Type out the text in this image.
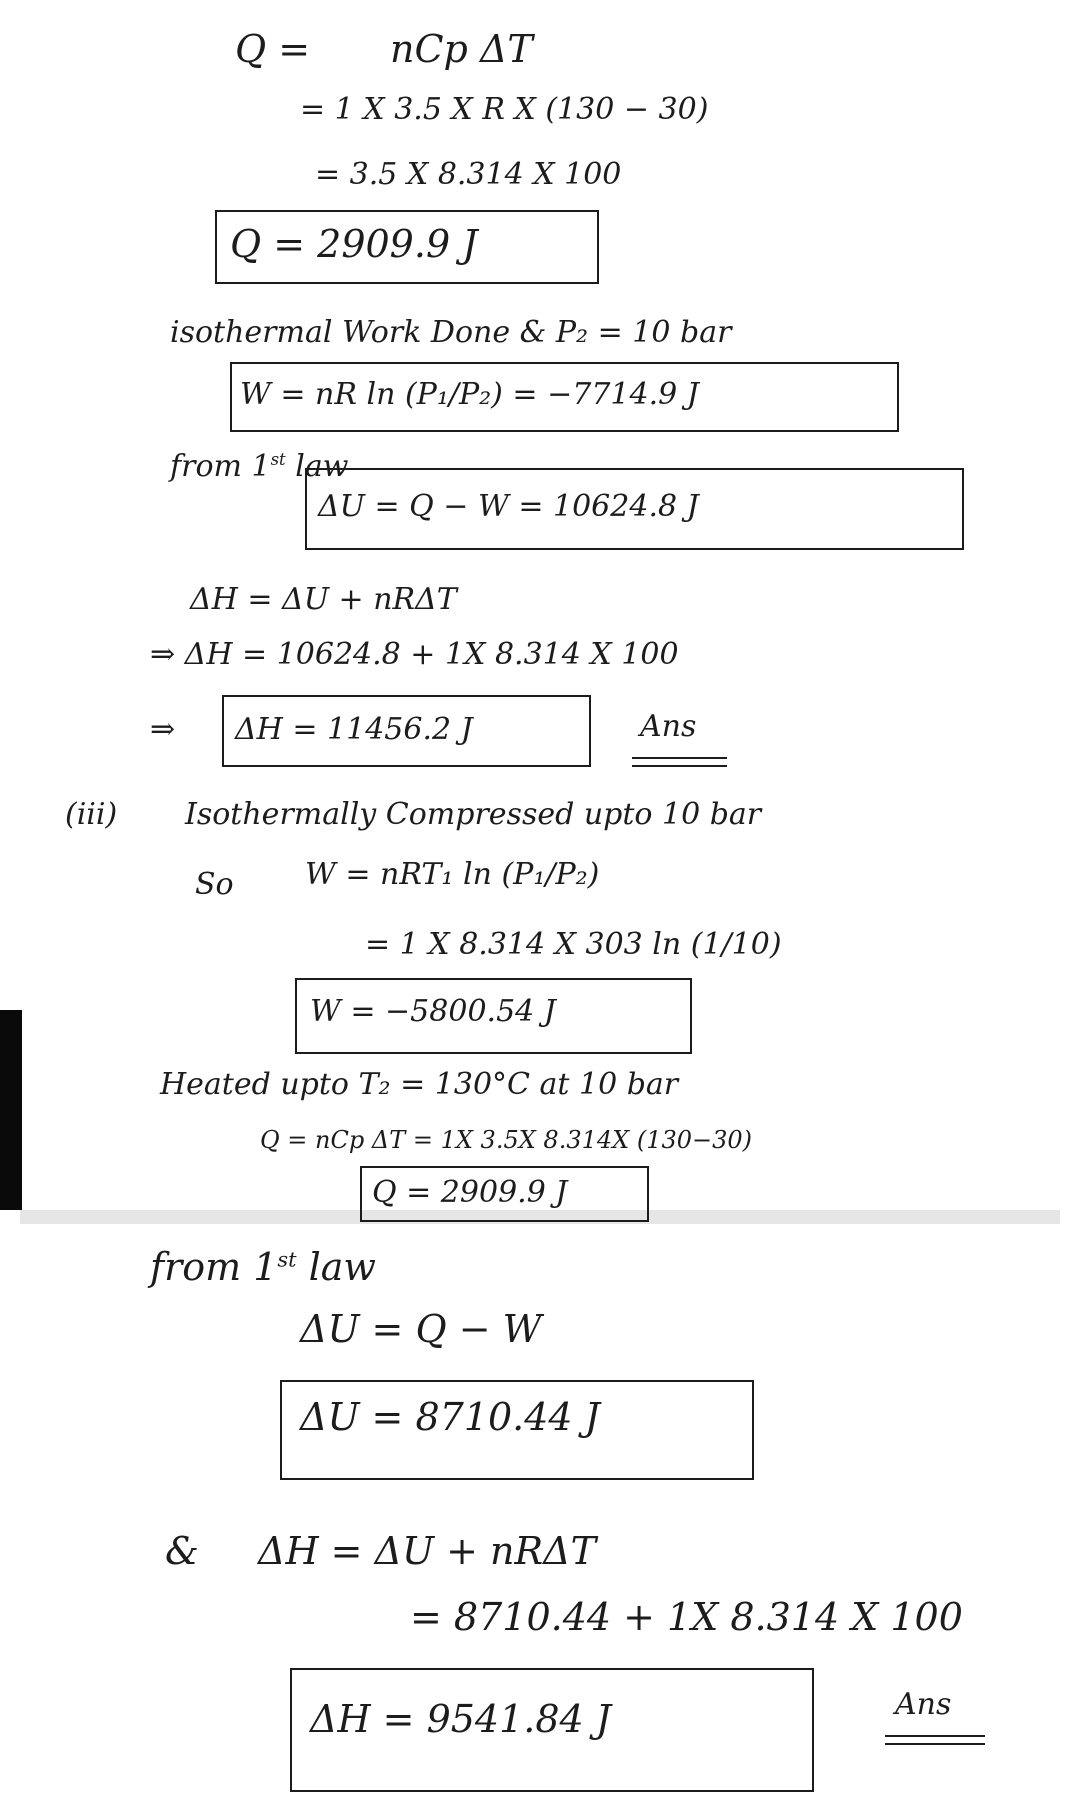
Q = nCp ΔT
= 1 X 3.5 X R X (130 − 30)
= 3.5 X 8.314 X 100
Q = 2909.9 J
isothermal Work Done & P₂ = 10 bar
W = nR ln (P₁/P₂) = −7714.9 J
from 1st law
ΔU = Q − W = 10624.8 J
ΔH = ΔU + nRΔT
⇒ ΔH = 10624.8 + 1X 8.314 X 100
⇒ ΔH = 11456.2 J	Ans
(iii) Isothermally Compressed upto 10 bar
So W = nRT₁ ln (P₁/P₂)
= 1 X 8.314 X 303 ln (1/10)
W = −5800.54 J
Heated upto T₂ = 130°C at 10 bar
Q = nCp ΔT = 1X 3.5X 8.314X (130−30)
Q = 2909.9 J
from 1st law
ΔU = Q − W
ΔU = 8710.44 J
& ΔH = ΔU + nRΔT
= 8710.44 + 1X 8.314 X 100
ΔH = 9541.84 J	Ans
